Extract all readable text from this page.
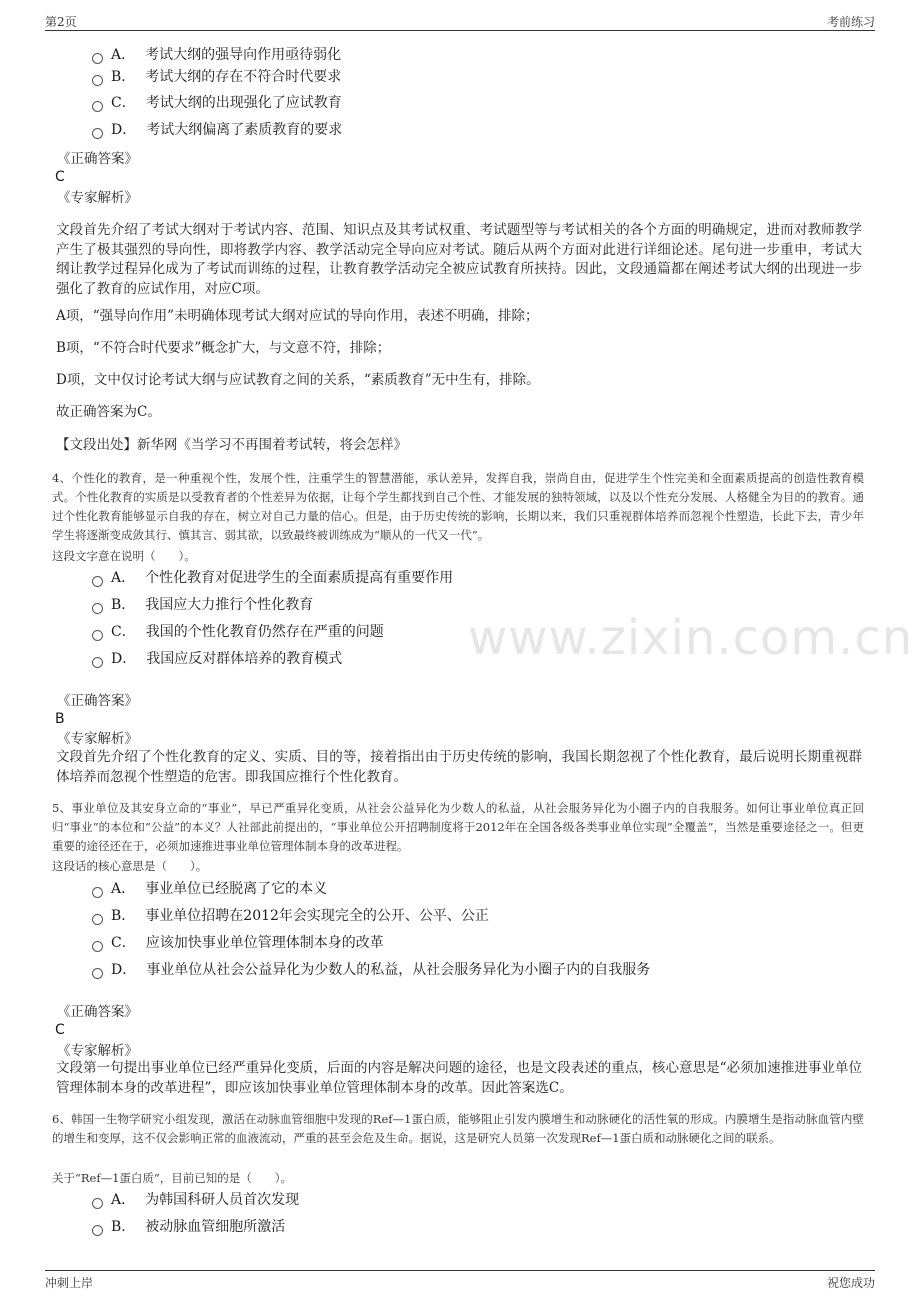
第2页	考前练习
www.zixin.com.cn
A． 考试大纲的强导向作用亟待弱化
B． 考试大纲的存在不符合时代要求
C． 考试大纲的出现强化了应试教育
D． 考试大纲偏离了素质教育的要求
《正确答案》
C
《专家解析》
文段首先介绍了考试大纲对于考试内容、范围、知识点及其考试权重、考试题型等与考试相关的各个方面的明确规定，进而对教师教学产生了极其强烈的导向性，即将教学内容、教学活动完全导向应对考试。随后从两个方面对此进行详细论述。尾句进一步重申，考试大纲让教学过程异化成为了考试而训练的过程，让教育教学活动完全被应试教育所挟持。因此，文段通篇都在阐述考试大纲的出现进一步强化了教育的应试作用，对应C项。
A项，“强导向作用”未明确体现考试大纲对应试的导向作用，表述不明确，排除；
B项，“不符合时代要求”概念扩大，与文意不符，排除；
D项，文中仅讨论考试大纲与应试教育之间的关系，“素质教育”无中生有，排除。
故正确答案为C。
【文段出处】新华网《当学习不再围着考试转，将会怎样》
4、个性化的教育，是一种重视个性，发展个性，注重学生的智慧潜能，承认差异，发挥自我，崇尚自由，促进学生个性完美和全面素质提高的创造性教育模式。个性化教育的实质是以受教育者的个性差异为依据，让每个学生都找到自己个性、才能发展的独特领域，以及以个性充分发展、人格健全为目的的教育。通过个性化教育能够显示自我的存在，树立对自己力量的信心。但是，由于历史传统的影响，长期以来，我们只重视群体培养而忽视个性塑造，长此下去，青少年学生将逐渐变成敛其行、慎其言、弱其欲，以致最终被训练成为“顺从的一代又一代”。
这段文字意在说明（　　）。
A． 个性化教育对促进学生的全面素质提高有重要作用
B． 我国应大力推行个性化教育
C． 我国的个性化教育仍然存在严重的问题
D． 我国应反对群体培养的教育模式
《正确答案》
B
《专家解析》
文段首先介绍了个性化教育的定义、实质、目的等，接着指出由于历史传统的影响，我国长期忽视了个性化教育，最后说明长期重视群体培养而忽视个性塑造的危害。即我国应推行个性化教育。
5、事业单位及其安身立命的“事业”，早已严重异化变质，从社会公益异化为少数人的私益，从社会服务异化为小圈子内的自我服务。如何让事业单位真正回归“事业”的本位和“公益”的本义？人社部此前提出的，“事业单位公开招聘制度将于2012年在全国各级各类事业单位实现”全覆盖”，当然是重要途径之一。但更重要的途径还在于，必须加速推进事业单位管理体制本身的改革进程。
这段话的核心意思是（　　）。
A． 事业单位已经脱离了它的本义
B． 事业单位招聘在2012年会实现完全的公开、公平、公正
C． 应该加快事业单位管理体制本身的改革
D． 事业单位从社会公益异化为少数人的私益，从社会服务异化为小圈子内的自我服务
《正确答案》
C
《专家解析》
文段第一句提出事业单位已经严重异化变质，后面的内容是解决问题的途径，也是文段表述的重点，核心意思是“必须加速推进事业单位管理体制本身的改革进程”，即应该加快事业单位管理体制本身的改革。因此答案选C。
6、韩国一生物学研究小组发现，激活在动脉血管细胞中发现的Ref—1蛋白质，能够阻止引发内膜增生和动脉硬化的活性氧的形成。内膜增生是指动脉血管内壁的增生和变厚，这不仅会影响正常的血液流动，严重的甚至会危及生命。据说，这是研究人员第一次发现Ref—1蛋白质和动脉硬化之间的联系。
关于“Ref—1蛋白质”，目前已知的是（　　）。
A． 为韩国科研人员首次发现
B． 被动脉血管细胞所激活
冲刺上岸	祝您成功
